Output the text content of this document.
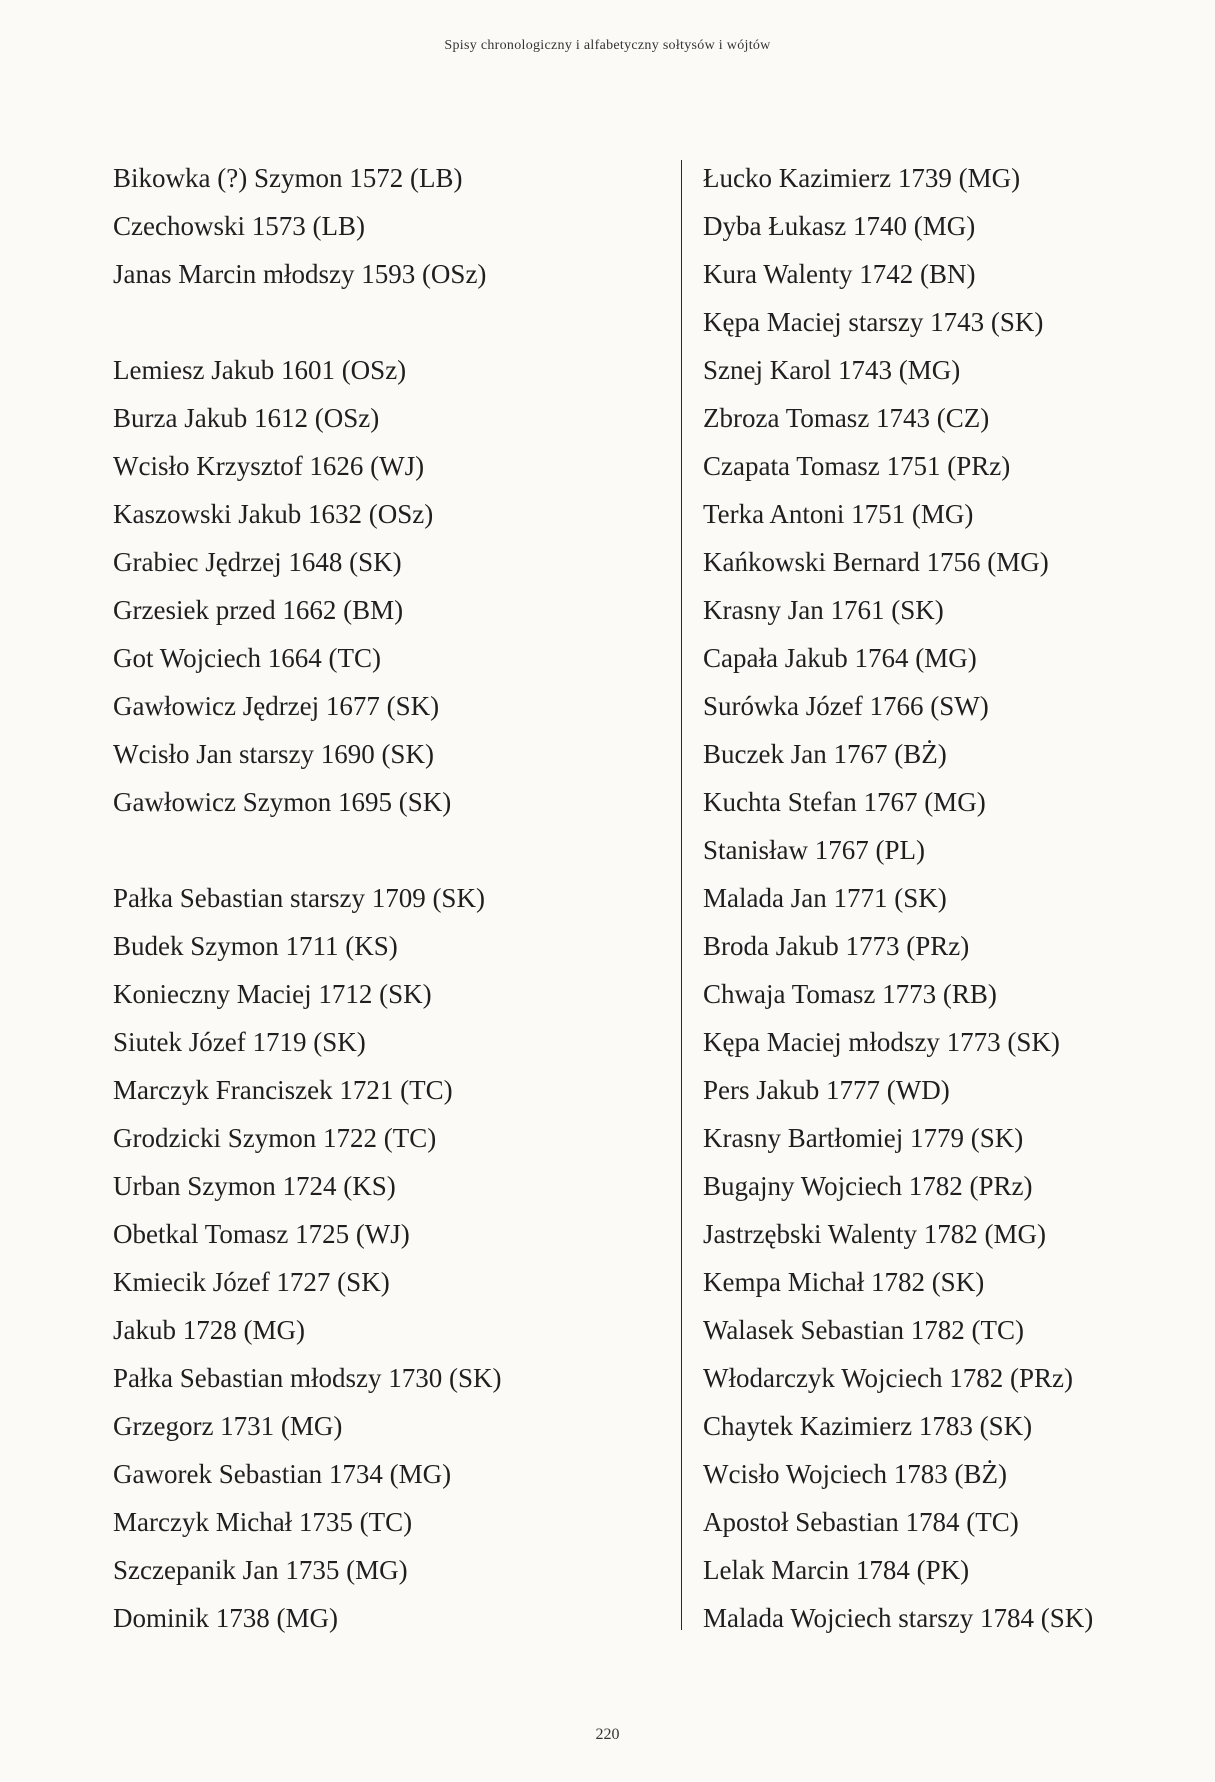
Spisy chronologiczny i alfabetyczny sołtysów i wójtów
Bikowka (?) Szymon 1572 (LB)
Czechowski 1573 (LB)
Janas Marcin młodszy 1593 (OSz)
Lemiesz Jakub 1601 (OSz)
Burza Jakub 1612 (OSz)
Wcisło Krzysztof 1626 (WJ)
Kaszowski Jakub 1632 (OSz)
Grabiec Jędrzej 1648 (SK)
Grzesiek przed 1662 (BM)
Got Wojciech 1664 (TC)
Gawłowicz Jędrzej 1677 (SK)
Wcisło Jan starszy 1690 (SK)
Gawłowicz Szymon 1695 (SK)
Pałka Sebastian starszy 1709 (SK)
Budek Szymon 1711 (KS)
Konieczny Maciej 1712 (SK)
Siutek Józef 1719 (SK)
Marczyk Franciszek 1721 (TC)
Grodzicki Szymon 1722 (TC)
Urban Szymon 1724 (KS)
Obetkal Tomasz 1725 (WJ)
Kmiecik Józef 1727 (SK)
Jakub 1728 (MG)
Pałka Sebastian młodszy 1730 (SK)
Grzegorz 1731 (MG)
Gaworek Sebastian 1734 (MG)
Marczyk Michał 1735 (TC)
Szczepanik Jan 1735 (MG)
Dominik 1738 (MG)
Łucko Kazimierz 1739 (MG)
Dyba Łukasz 1740 (MG)
Kura Walenty 1742 (BN)
Kępa Maciej starszy 1743 (SK)
Sznej Karol 1743 (MG)
Zbroza Tomasz 1743 (CZ)
Czapata Tomasz 1751 (PRz)
Terka Antoni 1751 (MG)
Kańkowski Bernard 1756 (MG)
Krasny Jan 1761 (SK)
Capała Jakub 1764 (MG)
Surówka Józef 1766 (SW)
Buczek Jan 1767 (BŻ)
Kuchta Stefan 1767 (MG)
Stanisław 1767 (PL)
Malada Jan 1771 (SK)
Broda Jakub 1773 (PRz)
Chwaja Tomasz 1773 (RB)
Kępa Maciej młodszy 1773 (SK)
Pers Jakub 1777 (WD)
Krasny Bartłomiej 1779 (SK)
Bugajny Wojciech 1782 (PRz)
Jastrzębski Walenty 1782 (MG)
Kempa Michał 1782 (SK)
Walasek Sebastian 1782 (TC)
Włodarczyk Wojciech 1782 (PRz)
Chaytek Kazimierz 1783 (SK)
Wcisło Wojciech 1783 (BŻ)
Apostoł Sebastian 1784 (TC)
Lelak Marcin 1784 (PK)
Malada Wojciech starszy 1784 (SK)
220
